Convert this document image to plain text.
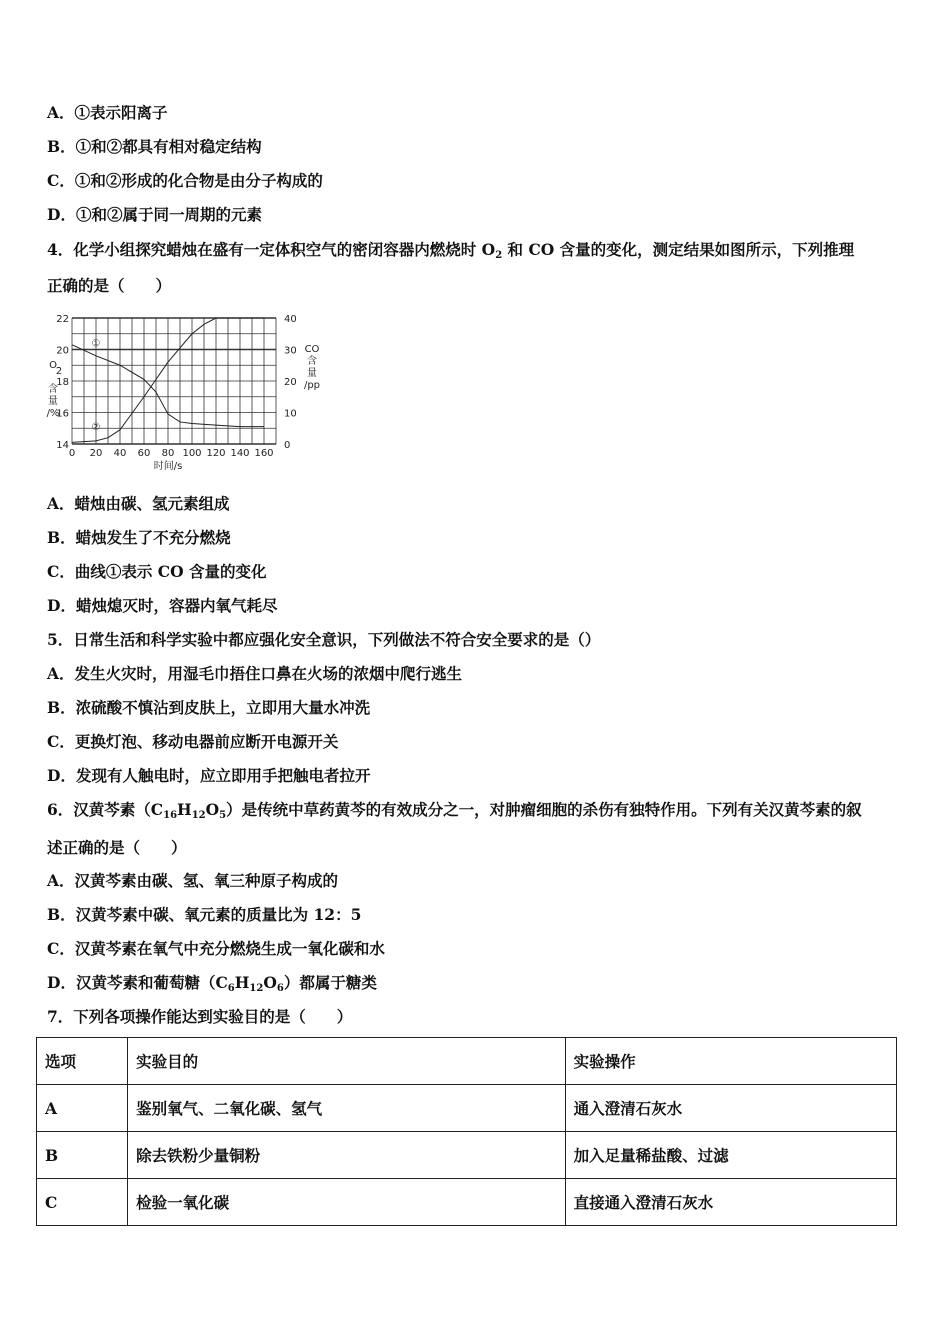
A．①表示阳离子
B．①和②都具有相对稳定结构
C．①和②形成的化合物是由分子构成的
D．①和②属于同一周期的元素
4．化学小组探究蜡烛在盛有一定体积空气的密闭容器内燃烧时 $O_2$ 和 CO 含量的变化，测定结果如图所示，下列推理
正确的是（　　）
0 20 40 60 80 100 120 140 160
时间/s
22
20
18
16
14
40
30
20
10
0
O
2
含
量
/%
CO
含
量
/pp
①
②
A．蜡烛由碳、氢元素组成
B．蜡烛发生了不充分燃烧
C．曲线①表示 CO 含量的变化
D．蜡烛熄灭时，容器内氧气耗尽
5．日常生活和科学实验中都应强化安全意识，下列做法不符合安全要求的是（）
A．发生火灾时，用湿毛巾捂住口鼻在火场的浓烟中爬行逃生
B．浓硫酸不慎沾到皮肤上，立即用大量水冲洗
C．更换灯泡、移动电器前应断开电源开关
D．发现有人触电时，应立即用手把触电者拉开
6．汉黄芩素$(C_{16}H_{12}O_5)$是传统中草药黄芩的有效成分之一，对肿瘤细胞的杀伤有独特作用。下列有关汉黄芩素的叙
述正确的是（　　）
A．汉黄芩素由碳、氢、氧三种原子构成的
B．汉黄芩素中碳、氧元素的质量比为 12：5
C．汉黄芩素在氧气中充分燃烧生成一氧化碳和水
D．汉黄芩素和葡萄糖$(C_6H_{12}O_6)$都属于糖类
7．下列各项操作能达到实验目的是（　　）
选项	实验目的	实验操作
A	鉴别氧气、二氧化碳、氢气	通入澄清石灰水
B	除去铁粉少量铜粉	加入足量稀盐酸、过滤
C	检验一氧化碳	直接通入澄清石灰水
